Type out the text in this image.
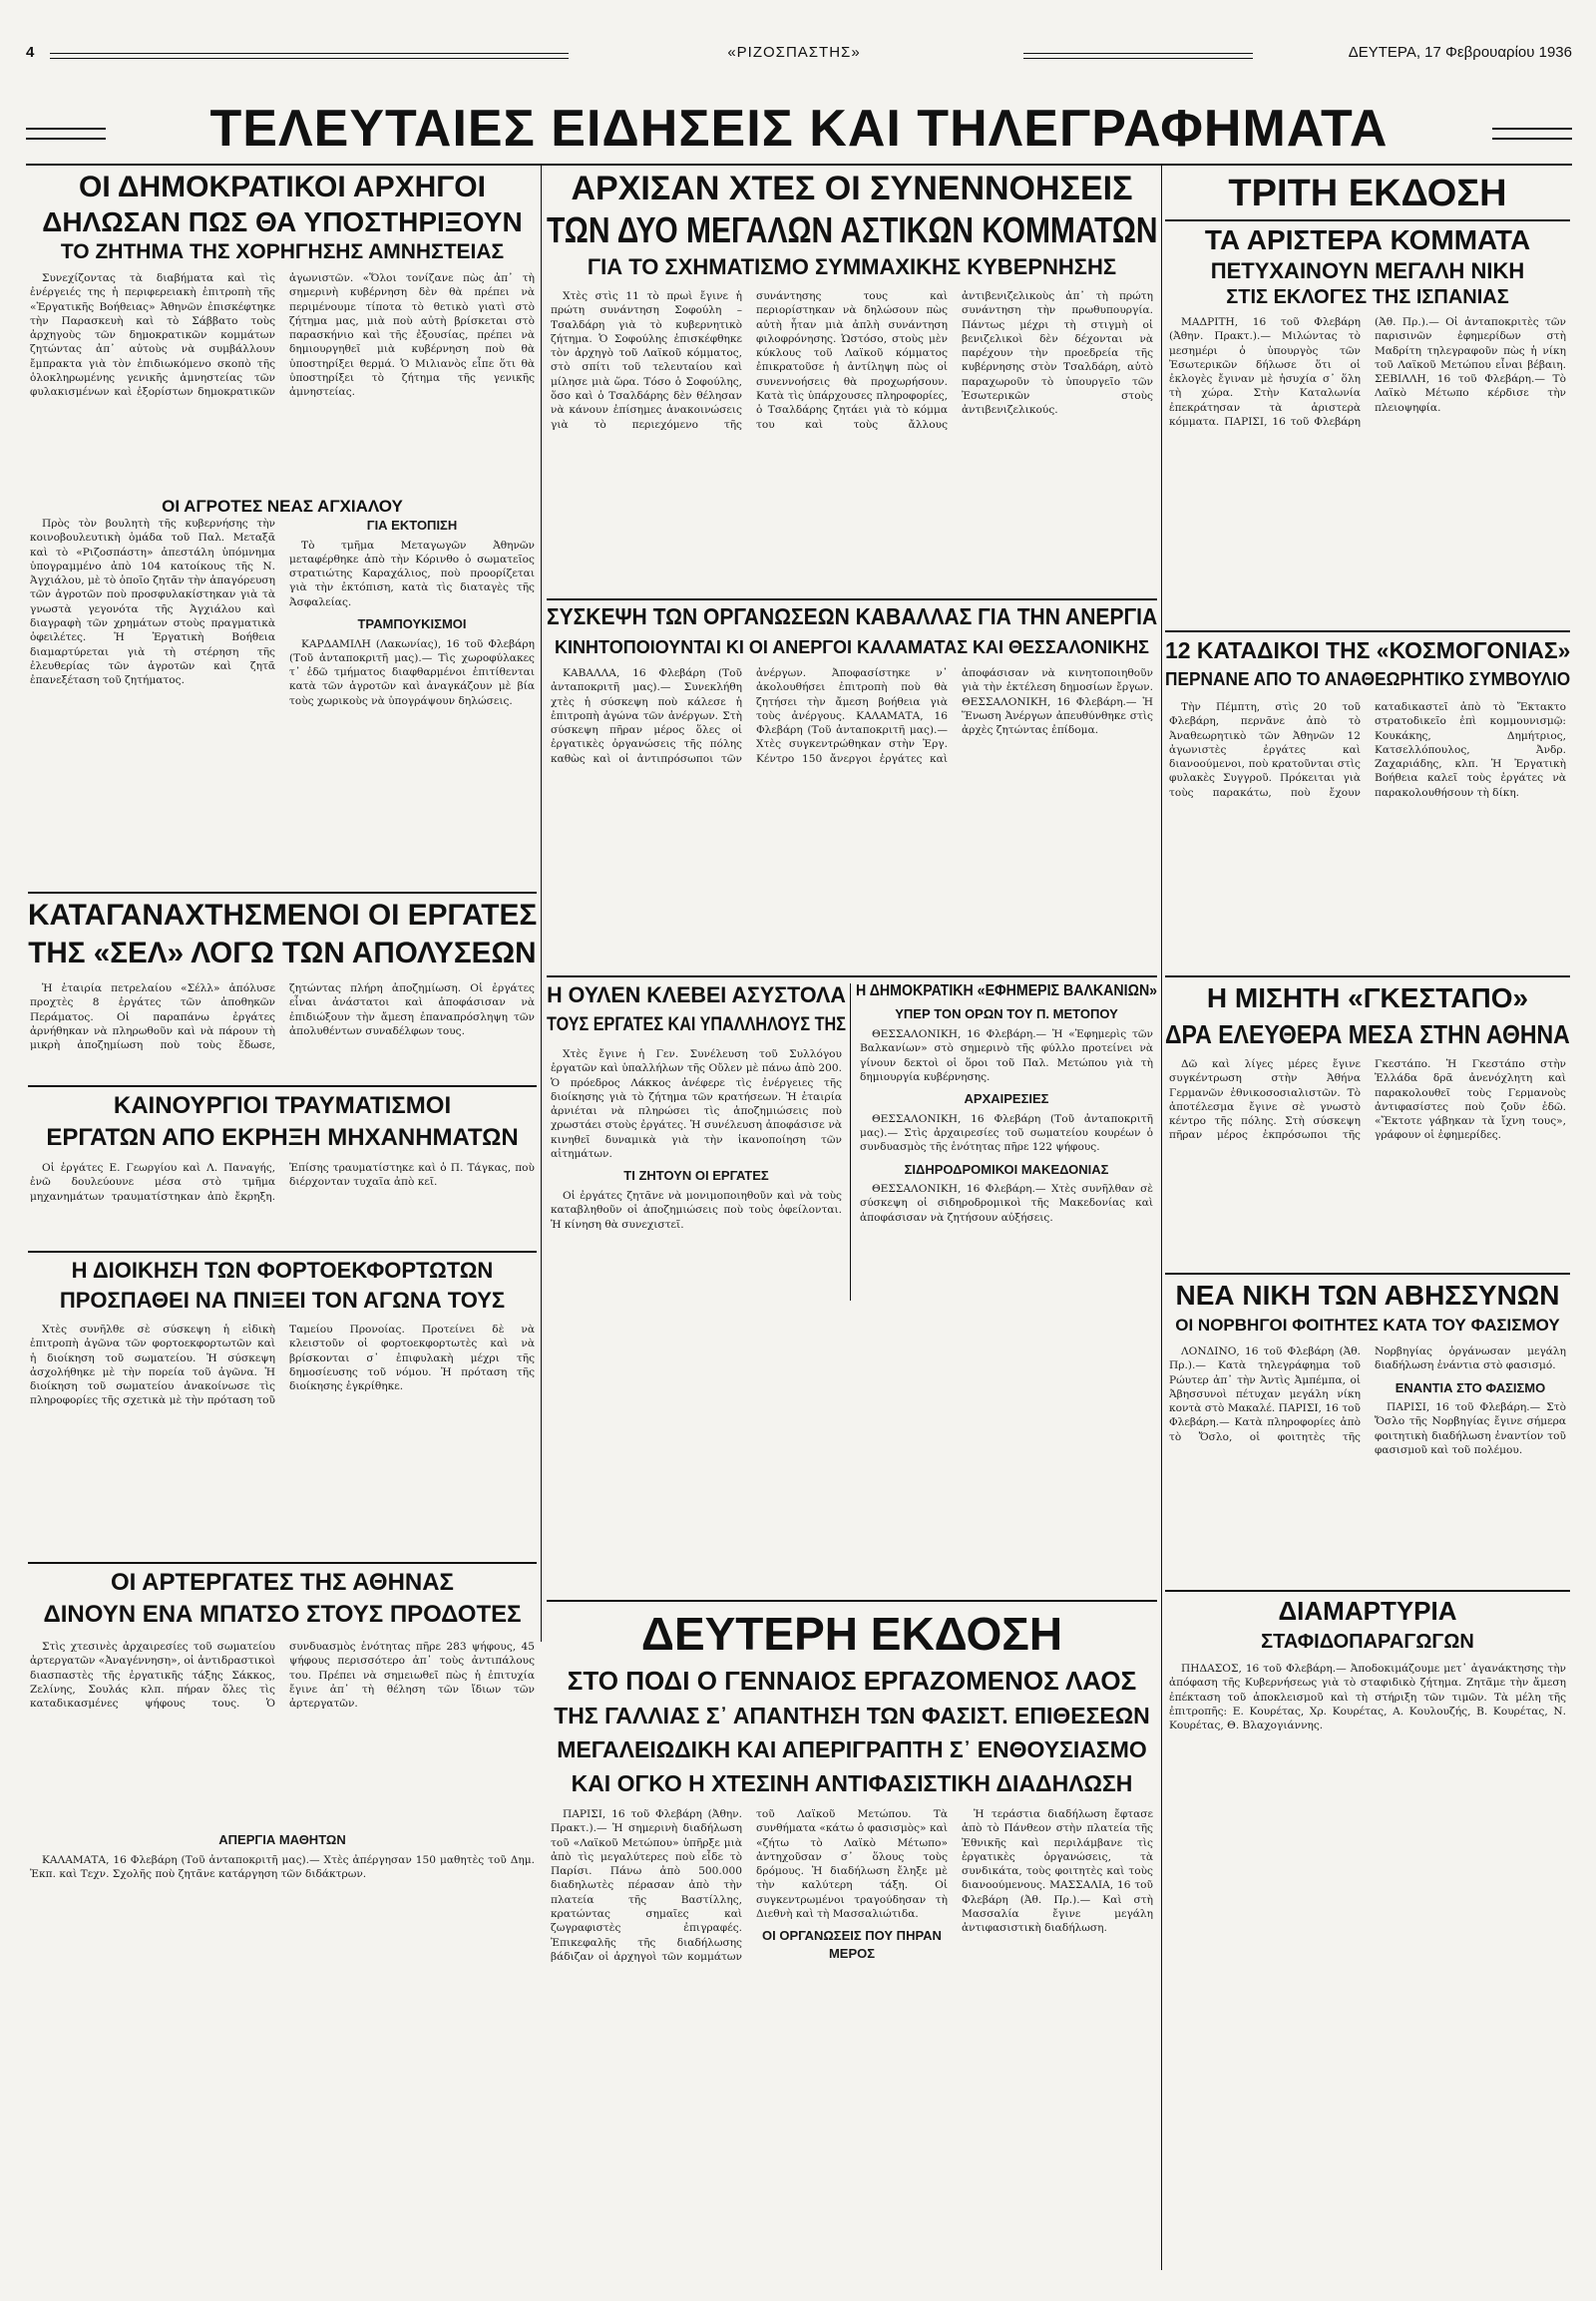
4	«ΡΙΖΟΣΠΑΣΤΗΣ»	ΔΕΥΤΕΡΑ, 17 Φεβρουαρίου 1936
ΤΕΛΕΥΤΑΙΕΣ ΕΙΔΗΣΕΙΣ ΚΑΙ ΤΗΛΕΓΡΑΦΗΜΑΤΑ
ΟΙ ΔΗΜΟΚΡΑΤΙΚΟΙ ΑΡΧΗΓΟΙ
ΔΗΛΩΣΑΝ ΠΩΣ ΘΑ ΥΠΟΣΤΗΡΙΞΟΥΝ
ΤΟ ΖΗΤΗΜΑ ΤΗΣ ΧΟΡΗΓΗΣΗΣ ΑΜΝΗΣΤΕΙΑΣ

Συνεχίζοντας τὰ διαβήματα καὶ τὶς ἐνέργειές της ἡ περιφερειακὴ ἐπιτροπὴ τῆς «Ἐργατικῆς Βοήθειας» Ἀθηνῶν ἐπισκέφτηκε τὴν Παρασκευὴ καὶ τὸ Σάββατο τοὺς ἀρχηγοὺς τῶν δημοκρατικῶν κομμάτων ζητώντας ἀπ᾽ αὐτοὺς νὰ συμβάλλουν ἔμπρακτα γιὰ τὸν ἐπιδιωκόμενο σκοπὸ τῆς ὁλοκληρωμένης γενικῆς ἀμνηστείας τῶν φυλακισμένων καὶ ἐξορίστων δημοκρατικῶν ἀγωνιστῶν. «Ὅλοι τονίζανε πὼς ἀπ᾽ τὴ σημερινὴ κυβέρνηση δὲν θὰ πρέπει νὰ περιμένουμε τίποτα τὸ θετικὸ γιατὶ στὸ ζήτημα μας, μιὰ ποὺ αὐτὴ βρίσκεται στὸ παρασκήνιο καὶ τῆς ἐξουσίας, πρέπει νὰ δημιουργηθεῖ μιὰ κυβέρνηση ποὺ θὰ ὑποστηρίξει θερμά. Ὁ Μιλιανὸς εἶπε ὅτι θὰ ὑποστηρίξει τὸ ζήτημα τῆς γενικῆς ἀμνηστείας.

ΟΙ ΑΓΡΟΤΕΣ ΝΕΑΣ ΑΓΧΙΑΛΟΥ

Πρὸς τὸν βουλητὴ τῆς κυβερνήσης τὴν κοινοβουλευτικὴ ὁμάδα τοῦ Παλ. Μεταξᾶ καὶ τὸ «Ριζοσπάστη» ἀπεστάλη ὑπόμνημα ὑπογραμμένο ἀπὸ 104 κατοίκους τῆς Ν. Ἀγχιάλου, μὲ τὸ ὁποῖο ζητᾶν τὴν ἀπαγόρευση τῶν ἀγροτῶν ποὺ προσφυλακίστηκαν γιὰ τὰ γνωστὰ γεγονότα τῆς Ἀγχιάλου καὶ διαγραφὴ τῶν χρημάτων στοὺς πραγματικὰ ὀφειλέτες. Ἡ Ἐργατικὴ Βοήθεια διαμαρτύρεται γιὰ τὴ στέρηση τῆς ἐλευθερίας τῶν ἀγροτῶν καὶ ζητᾶ ἐπανεξέταση τοῦ ζητήματος.

ΓΙΑ ΕΚΤΟΠΙΣΗ

Τὸ τμῆμα Μεταγωγῶν Ἀθηνῶν μεταφέρθηκε ἀπὸ τὴν Κόρινθο ὁ σωματεῖος στρατιώτης Καραχάλιος, ποὺ προορίζεται γιὰ τὴν ἐκτόπιση, κατὰ τὶς διαταγὲς τῆς Ἀσφαλείας.

ΤΡΑΜΠΟΥΚΙΣΜΟΙ

ΚΑΡΔΑΜΙΛΗ (Λακωνίας), 16 τοῦ Φλεβάρη (Τοῦ ἀνταποκριτῆ μας).— Τὶς χωροφύλακες τ᾽ ἐδῶ τμήματος διαφθαρμένοι ἐπιτίθενται κατὰ τῶν ἀγροτῶν καὶ ἀναγκάζουν μὲ βία τοὺς χωρικοὺς νὰ ὑπογράψουν δηλώσεις.

ΚΑΤΑΓΑΝΑΧΤΗΣΜΕΝΟΙ ΟΙ ΕΡΓΑΤΕΣ
ΤΗΣ «ΣΕΛ» ΛΟΓΩ ΤΩΝ ΑΠΟΛΥΣΕΩΝ

Ἡ ἑταιρία πετρελαίου «Σέλλ» ἀπόλυσε προχτὲς 8 ἐργάτες τῶν ἀποθηκῶν Περάματος. Οἱ παραπάνω ἐργάτες ἀρνήθηκαν νὰ πληρωθοῦν καὶ νὰ πάρουν τὴ μικρὴ ἀποζημίωση ποὺ τοὺς ἔδωσε, ζητώντας πλήρη ἀποζημίωση. Οἱ ἐργάτες εἶναι ἀνάστατοι καὶ ἀποφάσισαν νὰ ἐπιδιώξουν τὴν ἄμεση ἐπαναπρόσληψη τῶν ἀπολυθέντων συναδέλφων τους.

ΚΑΙΝΟΥΡΓΙΟΙ ΤΡΑΥΜΑΤΙΣΜΟΙ
ΕΡΓΑΤΩΝ ΑΠΟ ΕΚΡΗΞΗ ΜΗΧΑΝΗΜΑΤΩΝ

Οἱ ἐργάτες Ε. Γεωργίου καὶ Λ. Παναγής, ἐνῶ δουλεύουνε μέσα στὸ τμῆμα μηχανημάτων τραυματίστηκαν ἀπὸ ἔκρηξη. Ἐπίσης τραυματίστηκε καὶ ὁ Π. Τάγκας, ποὺ διέρχονταν τυχαῖα ἀπὸ κεῖ.

Η ΔΙΟΙΚΗΣΗ ΤΩΝ ΦΟΡΤΟΕΚΦΟΡΤΩΤΩΝ
ΠΡΟΣΠΑΘΕΙ ΝΑ ΠΝΙΞΕΙ ΤΟΝ ΑΓΩΝΑ ΤΟΥΣ

Χτὲς συνῆλθε σὲ σύσκεψη ἡ εἰδικὴ ἐπιτροπὴ ἀγῶνα τῶν φορτοεκφορτωτῶν καὶ ἡ διοίκηση τοῦ σωματείου. Ἡ σύσκεψη ἀσχολήθηκε μὲ τὴν πορεία τοῦ ἀγῶνα. Ἡ διοίκηση τοῦ σωματείου ἀνακοίνωσε τὶς πληροφορίες τῆς σχετικὰ μὲ τὴν πρόταση τοῦ Ταμείου Προνοίας. Προτείνει δὲ νὰ κλειστοῦν οἱ φορτοεκφορτωτὲς καὶ νὰ βρίσκονται σ᾽ ἐπιφυλακὴ μέχρι τῆς δημοσίευσης τοῦ νόμου. Ἡ πρόταση τῆς διοίκησης ἐγκρίθηκε.

ΟΙ ΑΡΤΕΡΓΑΤΕΣ ΤΗΣ ΑΘΗΝΑΣ
ΔΙΝΟΥΝ ΕΝΑ ΜΠΑΤΣΟ ΣΤΟΥΣ ΠΡΟΔΟΤΕΣ

Στὶς χτεσινὲς ἀρχαιρεσίες τοῦ σωματείου ἀρτεργατῶν «Ἀναγέννηση», οἱ ἀντιδραστικοὶ διασπαστὲς τῆς ἐργατικῆς τάξης Σάκκος, Ζελίνης, Σουλάς κλπ. πήραν ὅλες τὶς καταδικασμένες ψήφους τους. Ὁ συνδυασμὸς ἐνότητας πῆρε 283 ψήφους, 45 ψήφους περισσότερο ἀπ᾽ τοὺς ἀντιπάλους του. Πρέπει νὰ σημειωθεῖ πὼς ἡ ἐπιτυχία ἔγινε ἀπ᾽ τὴ θέληση τῶν ἴδιων τῶν ἀρτεργατῶν.

ΑΡΧΙΣΑΝ ΧΤΕΣ ΟΙ ΣΥΝΕΝΝΟΗΣΕΙΣ
ΤΩΝ ΔΥΟ ΜΕΓΑΛΩΝ ΑΣΤΙΚΩΝ ΚΟΜΜΑΤΩΝ
ΓΙΑ ΤΟ ΣΧΗΜΑΤΙΣΜΟ ΣΥΜΜΑΧΙΚΗΣ ΚΥΒΕΡΝΗΣΗΣ

Χτὲς στὶς 11 τὸ πρωὶ ἔγινε ἡ πρώτη συνάντηση Σοφούλη – Τσαλδάρη γιὰ τὸ κυβερνητικὸ ζήτημα. Ὁ Σοφούλης ἐπισκέφθηκε τὸν ἀρχηγὸ τοῦ Λαϊκοῦ κόμματος, στὸ σπίτι τοῦ τελευταίου καὶ μίλησε μιὰ ὥρα. Τόσο ὁ Σοφούλης, ὅσο καὶ ὁ Τσαλδάρης δὲν θέλησαν νὰ κάνουν ἐπίσημες ἀνακοινώσεις γιὰ τὸ περιεχόμενο τῆς συνάντησης τους καὶ περιορίστηκαν νὰ δηλώσουν πὼς αὐτὴ ἦταν μιὰ ἀπλὴ συνάντηση φιλοφρόνησης. Ὡστόσο, στοὺς μὲν κύκλους τοῦ Λαϊκοῦ κόμματος ἐπικρατοῦσε ἡ ἀντίληψη πὼς οἱ συνεννοήσεις θὰ προχωρήσουν. Κατὰ τὶς ὑπάρχουσες πληροφορίες, ὁ Τσαλδάρης ζητάει γιὰ τὸ κόμμα του καὶ τοὺς ἄλλους ἀντιβενιζελικοὺς ἀπ᾽ τὴ πρώτη συνάντηση τὴν πρωθυπουργία. Πάντως μέχρι τὴ στιγμὴ οἱ βενιζελικοὶ δὲν δέχονται νὰ παρέχουν τὴν προεδρεία τῆς κυβέρνησης στὸν Τσαλδάρη, αὐτὸ παραχωροῦν τὸ ὑπουργεῖο τῶν Ἐσωτερικῶν στοὺς ἀντιβενιζελικούς.

ΣΥΣΚΕΨΗ ΤΩΝ ΟΡΓΑΝΩΣΕΩΝ ΚΑΒΑΛΛΑΣ ΓΙΑ ΤΗΝ ΑΝΕΡΓΙΑ
ΚΙΝΗΤΟΠΟΙΟΥΝΤΑΙ ΚΙ ΟΙ ΑΝΕΡΓΟΙ ΚΑΛΑΜΑΤΑΣ ΚΑΙ ΘΕΣΣΑΛΟΝΙΚΗΣ

ΚΑΒΑΛΛΑ, 16 Φλεβάρη (Τοῦ ἀνταποκριτῆ μας).— Συνεκλήθη χτὲς ἡ σύσκεψη ποὺ κάλεσε ἡ ἐπιτροπὴ ἀγώνα τῶν ἀνέργων. Στὴ σύσκεψη πῆραν μέρος ὅλες οἱ ἐργατικὲς ὀργανώσεις τῆς πόλης καθὼς καὶ οἱ ἀντιπρόσωποι τῶν ἀνέργων. Ἀποφασίστηκε ν᾽ ἀκολουθήσει ἐπιτροπὴ ποὺ θὰ ζητήσει τὴν ἄμεση βοήθεια γιὰ τοὺς ἀνέργους. ΚΑΛΑΜΑΤΑ, 16 Φλεβάρη (Τοῦ ἀνταποκριτῆ μας).— Χτὲς συγκεντρώθηκαν στὴν Ἐργ. Κέντρο 150 ἄνεργοι ἐργάτες καὶ ἀποφάσισαν νὰ κινητοποιηθοῦν γιὰ τὴν ἐκτέλεση δημοσίων ἔργων. ΘΕΣΣΑΛΟΝΙΚΗ, 16 Φλεβάρη.— Ἡ Ἕνωση Ἀνέργων ἀπευθύνθηκε στὶς ἀρχὲς ζητώντας ἐπίδομα.

Η ΟΥΛΕΝ ΚΛΕΒΕΙ ΑΣΥΣΤΟΛΑ
ΤΟΥΣ ΕΡΓΑΤΕΣ ΚΑΙ ΥΠΑΛΛΗΛΟΥΣ ΤΗΣ

Χτὲς ἔγινε ἡ Γεν. Συνέλευση τοῦ Συλλόγου ἐργατῶν καὶ ὑπαλλήλων τῆς Οὔλεν μὲ πάνω ἀπὸ 200. Ὁ πρόεδρος Λάκκος ἀνέφερε τὶς ἐνέργειες τῆς διοίκησης γιὰ τὸ ζήτημα τῶν κρατήσεων. Ἡ ἑταιρία ἀρνιέται νὰ πληρώσει τὶς ἀποζημιώσεις ποὺ χρωστάει στοὺς ἐργάτες. Ἡ συνέλευση ἀποφάσισε νὰ κινηθεῖ δυναμικὰ γιὰ τὴν ἱκανοποίηση τῶν αἰτημάτων.

ΤΙ ΖΗΤΟΥΝ ΟΙ ΕΡΓΑΤΕΣ

Οἱ ἐργάτες ζητᾶνε νὰ μονιμοποιηθοῦν καὶ νὰ τοὺς καταβληθοῦν οἱ ἀποζημιώσεις ποὺ τοὺς ὀφείλονται. Ἡ κίνηση θὰ συνεχιστεῖ.

Η ΔΗΜΟΚΡΑΤΙΚΗ «ΕΦΗΜΕΡΙΣ ΒΑΛΚΑΝΙΩΝ»
ΥΠΕΡ ΤΟΝ ΟΡΩΝ ΤΟΥ Π. ΜΕΤΟΠΟΥ

ΘΕΣΣΑΛΟΝΙΚΗ, 16 Φλεβάρη.— Ἡ «Ἐφημερὶς τῶν Βαλκανίων» στὸ σημερινὸ τῆς φύλλο προτείνει νὰ γίνουν δεκτοὶ οἱ ὅροι τοῦ Παλ. Μετώπου γιὰ τὴ δημιουργία κυβέρνησης.

ΑΡΧΑΙΡΕΣΙΕΣ

ΘΕΣΣΑΛΟΝΙΚΗ, 16 Φλεβάρη (Τοῦ ἀνταποκριτῆ μας).— Στὶς ἀρχαιρεσίες τοῦ σωματείου κουρέων ὁ συνδυασμὸς τῆς ἑνότητας πῆρε 122 ψήφους.

ΣΙΔΗΡΟΔΡΟΜΙΚΟΙ ΜΑΚΕΔΟΝΙΑΣ

ΘΕΣΣΑΛΟΝΙΚΗ, 16 Φλεβάρη.— Χτὲς συνῆλθαν σὲ σύσκεψη οἱ σιδηροδρομικοὶ τῆς Μακεδονίας καὶ ἀποφάσισαν νὰ ζητήσουν αὐξήσεις.

ΤΡΙΤΗ ΕΚΔΟΣΗ
ΤΑ ΑΡΙΣΤΕΡΑ ΚΟΜΜΑΤΑ
ΠΕΤΥΧΑΙΝΟΥΝ ΜΕΓΑΛΗ ΝΙΚΗ
ΣΤΙΣ ΕΚΛΟΓΕΣ ΤΗΣ ΙΣΠΑΝΙΑΣ

ΜΑΔΡΙΤΗ, 16 τοῦ Φλεβάρη (Ἀθην. Πρακτ.).— Μιλώντας τὸ μεσημέρι ὁ ὑπουργὸς τῶν Ἐσωτερικῶν δήλωσε ὅτι οἱ ἐκλογὲς ἔγιναν μὲ ἡσυχία σ᾽ ὅλη τὴ χώρα. Στὴν Καταλωνία ἐπεκράτησαν τὰ ἀριστερὰ κόμματα. ΠΑΡΙΣΙ, 16 τοῦ Φλεβάρη (Ἀθ. Πρ.).— Οἱ ἀνταποκριτὲς τῶν παρισινῶν ἐφημερίδων στὴ Μαδρίτη τηλεγραφοῦν πὼς ἡ νίκη τοῦ Λαϊκοῦ Μετώπου εἶναι βέβαιη. ΣΕΒΙΛΛΗ, 16 τοῦ Φλεβάρη.— Τὸ Λαϊκὸ Μέτωπο κέρδισε τὴν πλειοψηφία.

12 ΚΑΤΑΔΙΚΟΙ ΤΗΣ «ΚΟΣΜΟΓΟΝΙΑΣ»
ΠΕΡΝΑΝΕ ΑΠΟ ΤΟ ΑΝΑΘΕΩΡΗΤΙΚΟ ΣΥΜΒΟΥΛΙΟ

Τὴν Πέμπτη, στὶς 20 τοῦ Φλεβάρη, περνᾶνε ἀπὸ τὸ Ἀναθεωρητικὸ τῶν Ἀθηνῶν 12 ἀγωνιστὲς ἐργάτες καὶ διανοούμενοι, ποὺ κρατοῦνται στὶς φυλακὲς Συγγροῦ. Πρόκειται γιὰ τοὺς παρακάτω, ποὺ ἔχουν καταδικαστεῖ ἀπὸ τὸ Ἔκτακτο στρατοδικεῖο ἐπὶ κομμουνισμῷ: Κουκάκης, Δημήτριος, Κατσελλόπουλος, Ἀνδρ. Ζαχαριάδης, κλπ. Ἡ Ἐργατικὴ Βοήθεια καλεῖ τοὺς ἐργάτες νὰ παρακολουθήσουν τὴ δίκη.

Η ΜΙΣΗΤΗ «ΓΚΕΣΤΑΠΟ»
ΔΡΑ ΕΛΕΥΘΕΡΑ ΜΕΣΑ ΣΤΗΝ ΑΘΗΝΑ

Δῶ καὶ λίγες μέρες ἔγινε συγκέντρωση στὴν Ἀθήνα Γερμανῶν ἐθνικοσοσιαλιστῶν. Τὸ ἀποτέλεσμα ἔγινε σὲ γνωστὸ κέντρο τῆς πόλης. Στὴ σύσκεψη πῆραν μέρος ἐκπρόσωποι τῆς Γκεστάπο. Ἡ Γκεστάπο στὴν Ἑλλάδα δρᾶ ἀνενόχλητη καὶ παρακολουθεῖ τοὺς Γερμανοὺς ἀντιφασίστες ποὺ ζοῦν ἐδῶ. «Ἔκτοτε γάβηκαν τὰ ἴχνη τους», γράφουν οἱ ἐφημερίδες.

ΝΕΑ ΝΙΚΗ ΤΩΝ ΑΒΗΣΣΥΝΩΝ
ΟΙ ΝΟΡΒΗΓΟΙ ΦΟΙΤΗΤΕΣ ΚΑΤΑ ΤΟΥ ΦΑΣΙΣΜΟΥ

ΛΟΝΔΙΝΟ, 16 τοῦ Φλεβάρη (Ἀθ. Πρ.).— Κατὰ τηλεγράφημα τοῦ Ρώυτερ ἀπ᾽ τὴν Ἀντὶς Ἀμπέμπα, οἱ Ἀβησσυνοὶ πέτυχαν μεγάλη νίκη κοντὰ στὸ Μακαλέ. ΠΑΡΙΣΙ, 16 τοῦ Φλεβάρη.— Κατὰ πληροφορίες ἀπὸ τὸ Ὄσλο, οἱ φοιτητὲς τῆς Νορβηγίας ὀργάνωσαν μεγάλη διαδήλωση ἐνάντια στὸ φασισμό.

ΕΝΑΝΤΙΑ ΣΤΟ ΦΑΣΙΣΜΟ

ΠΑΡΙΣΙ, 16 τοῦ Φλεβάρη.— Στὸ Ὄσλο τῆς Νορβηγίας ἔγινε σήμερα φοιτητικὴ διαδήλωση ἐναντίον τοῦ φασισμοῦ καὶ τοῦ πολέμου.

ΔΙΑΜΑΡΤΥΡΙΑ
ΣΤΑΦΙΔΟΠΑΡΑΓΩΓΩΝ

ΠΗΔΑΣΟΣ, 16 τοῦ Φλεβάρη.— Ἀποδοκιμάζουμε μετ᾽ ἀγανάκτησης τὴν ἀπόφαση τῆς Κυβερνήσεως γιὰ τὸ σταφιδικὸ ζήτημα. Ζητᾶμε τὴν ἄμεση ἐπέκταση τοῦ ἀποκλεισμοῦ καὶ τὴ στήριξη τῶν τιμῶν. Τὰ μέλη τῆς ἐπιτροπῆς: Ε. Κουρέτας, Χρ. Κουρέτας, Α. Κουλουζής, Β. Κουρέτας, Ν. Κουρέτας, Θ. Βλαχογιάννης.

ΔΕΥΤΕΡΗ ΕΚΔΟΣΗ
ΣΤΟ ΠΟΔΙ Ο ΓΕΝΝΑΙΟΣ ΕΡΓΑΖΟΜΕΝΟΣ ΛΑΟΣ
ΤΗΣ ΓΑΛΛΙΑΣ Σ᾽ ΑΠΑΝΤΗΣΗ ΤΩΝ ΦΑΣΙΣΤ. ΕΠΙΘΕΣΕΩΝ
ΜΕΓΑΛΕΙΩΔΙΚΗ ΚΑΙ ΑΠΕΡΙΓΡΑΠΤΗ Σ᾽ ΕΝΘΟΥΣΙΑΣΜΟ
ΚΑΙ ΟΓΚΟ Η ΧΤΕΣΙΝΗ ΑΝΤΙΦΑΣΙΣΤΙΚΗ ΔΙΑΔΗΛΩΣΗ

ΠΑΡΙΣΙ, 16 τοῦ Φλεβάρη (Ἀθην. Πρακτ.).— Ἡ σημερινὴ διαδήλωση τοῦ «Λαϊκοῦ Μετώπου» ὑπῆρξε μιὰ ἀπὸ τὶς μεγαλύτερες ποὺ εἶδε τὸ Παρίσι. Πάνω ἀπὸ 500.000 διαδηλωτὲς πέρασαν ἀπὸ τὴν πλατεία τῆς Βαστίλλης, κρατώντας σημαῖες καὶ ζωγραφιστὲς ἐπιγραφές. Ἐπικεφαλῆς τῆς διαδήλωσης βάδιζαν οἱ ἀρχηγοὶ τῶν κομμάτων τοῦ Λαϊκοῦ Μετώπου. Τὰ συνθήματα «κάτω ὁ φασισμὸς» καὶ «ζήτω τὸ Λαϊκὸ Μέτωπο» ἀντηχοῦσαν σ᾽ ὅλους τοὺς δρόμους. Ἡ διαδήλωση ἔληξε μὲ τὴν καλύτερη τάξη. Οἱ συγκεντρωμένοι τραγούδησαν τὴ Διεθνὴ καὶ τὴ Μασσαλιώτιδα.

ΟΙ ΟΡΓΑΝΩΣΕΙΣ ΠΟΥ ΠΗΡΑΝ ΜΕΡΟΣ

Ἡ τεράστια διαδήλωση ἔφτασε ἀπὸ τὸ Πάνθεον στὴν πλατεία τῆς Ἐθνικῆς καὶ περιλάμβανε τὶς ἐργατικὲς ὀργανώσεις, τὰ συνδικάτα, τοὺς φοιτητὲς καὶ τοὺς διανοούμενους. ΜΑΣΣΑΛΙΑ, 16 τοῦ Φλεβάρη (Ἀθ. Πρ.).— Καὶ στὴ Μασσαλία ἔγινε μεγάλη ἀντιφασιστικὴ διαδήλωση.

ΑΠΕΡΓΙΑ ΜΑΘΗΤΩΝ

ΚΑΛΑΜΑΤΑ, 16 Φλεβάρη (Τοῦ ἀνταποκριτῆ μας).— Χτὲς ἀπέργησαν 150 μαθητὲς τοῦ Δημ. Ἐκπ. καὶ Τεχν. Σχολῆς ποὺ ζητᾶνε κατάργηση τῶν διδάκτρων.
